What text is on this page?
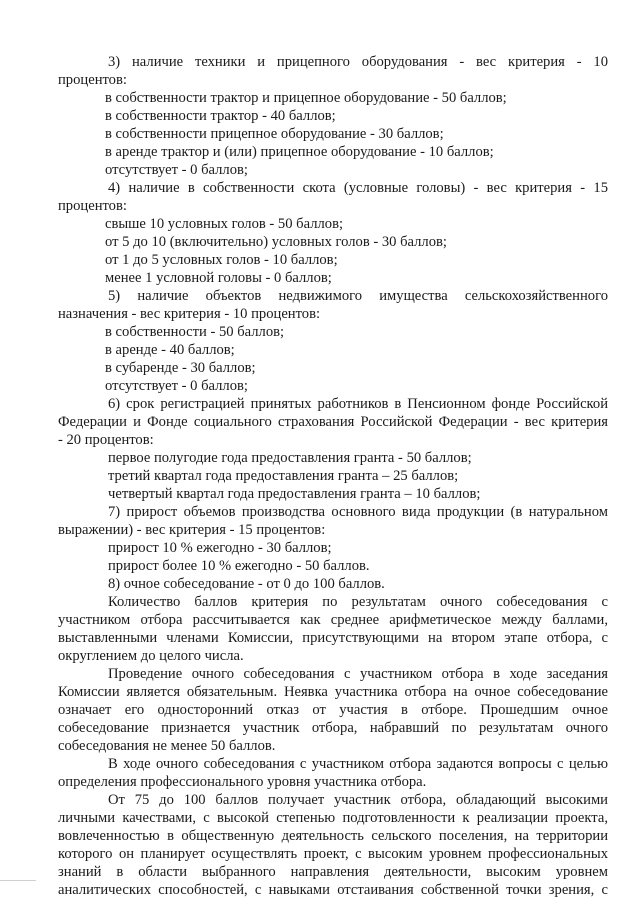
3) наличие техники и прицепного оборудования - вес критерия - 10
процентов:
в собственности трактор и прицепное оборудование - 50 баллов;
в собственности трактор - 40 баллов;
в собственности прицепное оборудование - 30 баллов;
в аренде трактор и (или) прицепное оборудование - 10 баллов;
отсутствует - 0 баллов;
4) наличие в собственности скота (условные головы) - вес критерия - 15
процентов:
свыше 10 условных голов - 50 баллов;
от 5 до 10 (включительно) условных голов - 30 баллов;
от 1 до 5 условных голов - 10 баллов;
менее 1 условной головы - 0 баллов;
5) наличие объектов недвижимого имущества сельскохозяйственного
назначения - вес критерия - 10 процентов:
в собственности - 50 баллов;
в аренде - 40 баллов;
в субаренде - 30 баллов;
отсутствует - 0 баллов;
6) срок регистрацией принятых работников в Пенсионном фонде Российской
Федерации и Фонде социального страхования Российской Федерации - вес критерия
- 20 процентов:
первое полугодие года предоставления гранта - 50 баллов;
третий квартал года предоставления гранта – 25 баллов;
четвертый квартал года предоставления гранта – 10 баллов;
7) прирост объемов производства основного вида продукции (в натуральном
выражении) - вес критерия - 15 процентов:
прирост 10 % ежегодно - 30 баллов;
прирост более 10 % ежегодно - 50 баллов.
8) очное собеседование - от 0 до 100 баллов.
Количество баллов критерия по результатам очного собеседования с
участником отбора рассчитывается как среднее арифметическое между баллами,
выставленными членами Комиссии, присутствующими на втором этапе отбора, с
округлением до целого числа.
Проведение очного собеседования с участником отбора в ходе заседания
Комиссии является обязательным. Неявка участника отбора на очное собеседование
означает его односторонний отказ от участия в отборе. Прошедшим очное
собеседование признается участник отбора, набравший по результатам очного
собеседования не менее 50 баллов.
В ходе очного собеседования с участником отбора задаются вопросы с целью
определения профессионального уровня участника отбора.
От 75 до 100 баллов получает участник отбора, обладающий высокими
личными качествами, с высокой степенью подготовленности к реализации проекта,
вовлеченностью в общественную деятельность сельского поселения, на территории
которого он планирует осуществлять проект, с высоким уровнем профессиональных
знаний в области выбранного направления деятельности, высоким уровнем
аналитических способностей, с навыками отстаивания собственной точки зрения, с
